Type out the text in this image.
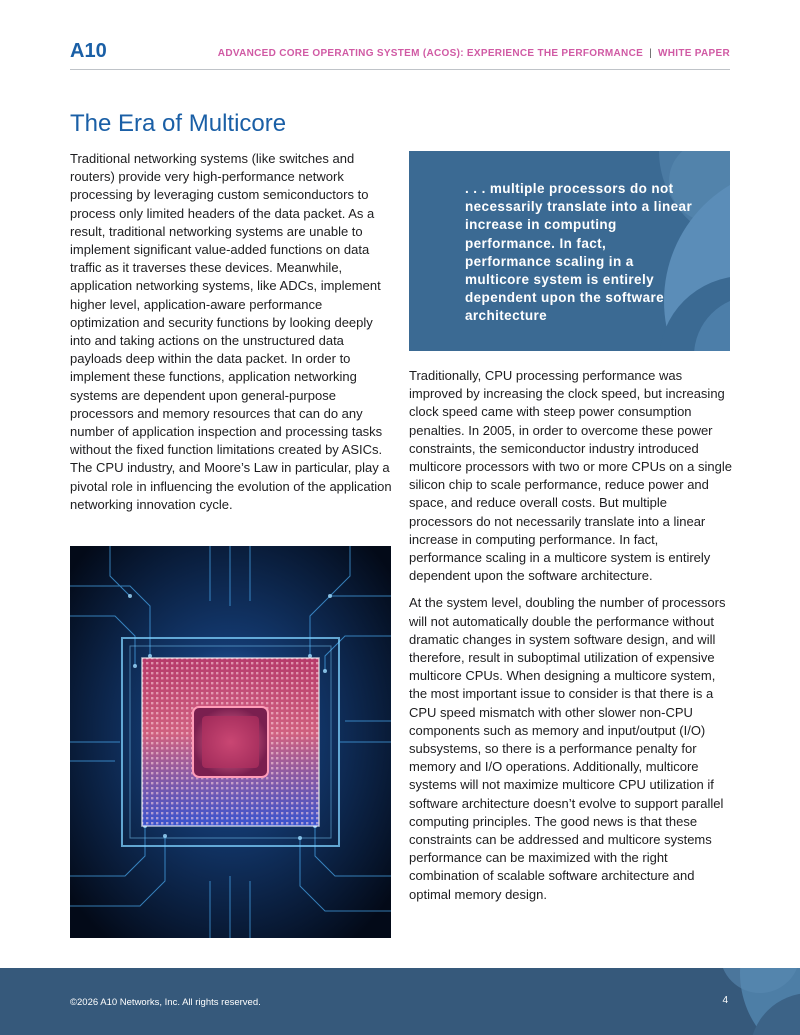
A10	ADVANCED CORE OPERATING SYSTEM (ACOS): EXPERIENCE THE PERFORMANCE | WHITE PAPER
The Era of Multicore

Traditional networking systems (like switches and routers) provide very high-performance network processing by leveraging custom semiconductors to process only limited headers of the data packet. As a result, traditional networking systems are unable to implement significant value-added functions on data traffic as it traverses these devices. Meanwhile, application networking systems, like ADCs, implement higher level, application-aware performance optimization and security functions by looking deeply into and taking actions on the unstructured data payloads deep within the data packet. In order to implement these functions, application networking systems are dependent upon general-purpose processors and memory resources that can do any number of application inspection and processing tasks without the fixed function limitations created by ASICs. The CPU industry, and Moore’s Law in particular, play a pivotal role in influencing the evolution of the application networking innovation cycle.

. . . multiple processors do not necessarily translate into a linear increase in computing performance. In fact, performance scaling in a multicore system is entirely dependent upon the software architecture

Traditionally, CPU processing performance was improved by increasing the clock speed, but increasing clock speed came with steep power consumption penalties. In 2005, in order to overcome these power constraints, the semiconductor industry introduced multicore processors with two or more CPUs on a single silicon chip to scale performance, reduce power and space, and reduce overall costs. But multiple processors do not necessarily translate into a linear increase in computing performance. In fact, performance scaling in a multicore system is entirely dependent upon the software architecture.

At the system level, doubling the number of processors will not automatically double the performance without dramatic changes in system software design, and will therefore, result in suboptimal utilization of expensive multicore CPUs. When designing a multicore system, the most important issue to consider is that there is a CPU speed mismatch with other slower non-CPU components such as memory and input/output (I/O) subsystems, so there is a performance penalty for memory and I/O operations. Additionally, multicore systems will not maximize multicore CPU utilization if software architecture doesn’t evolve to support parallel computing principles. The good news is that these constraints can be addressed and multicore systems performance can be maximized with the right combination of scalable software architecture and optimal memory design.

©2026 A10 Networks, Inc. All rights reserved.	4
